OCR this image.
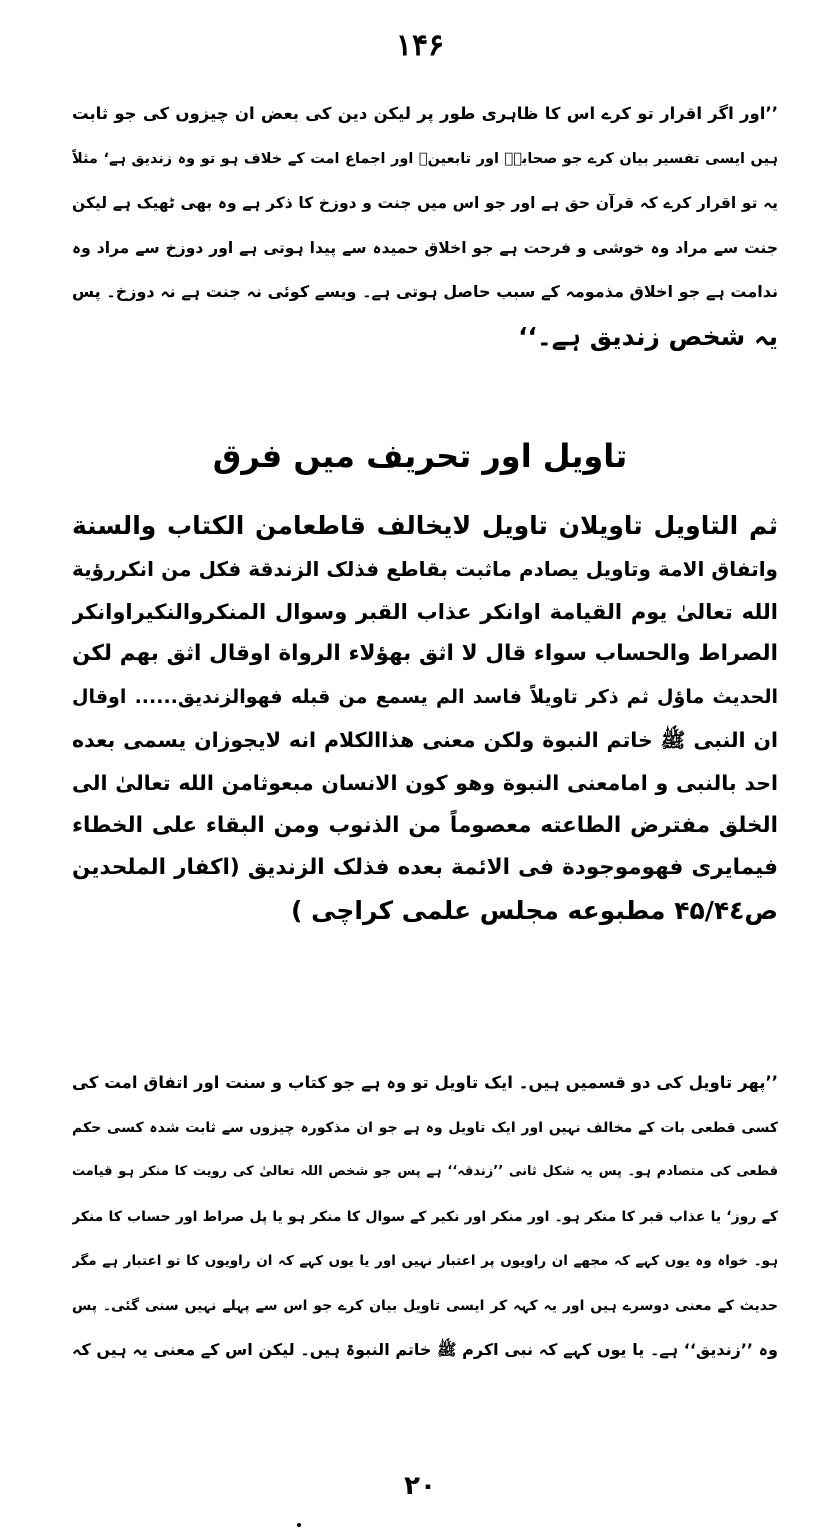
۱۴۶
’’اور اگر اقرار تو کرے اس کا ظاہری طور پر لیکن دین کی بعض ان چیزوں کی جو ثابت
ہیں ایسی تفسیر بیان کرے جو صحابہؓ اور تابعینؒ اور اجماع امت کے خلاف ہو تو وہ زندیق ہے‘ مثلاً
یہ تو اقرار کرے کہ قرآن حق ہے اور جو اس میں جنت و دوزخ کا ذکر ہے وہ بھی ٹھیک ہے لیکن
جنت سے مراد وہ خوشی و فرحت ہے جو اخلاق حمیدہ سے پیدا ہوتی ہے اور دوزخ سے مراد وہ
ندامت ہے جو اخلاق مذمومہ کے سبب حاصل ہوتی ہے۔ ویسے کوئی نہ جنت ہے نہ دوزخ۔ پس
یہ شخص زندیق ہے۔‘‘
تاویل اور تحریف میں فرق
ثم التاویل تاویلان تاویل لایخالف قاطعامن الکتاب والسنة
واتفاق الامة وتاویل یصادم ماثبت بقاطع فذلک الزندقة فکل من انکررؤیة
الله تعالیٰ یوم القیامة اوانکر عذاب القبر وسوال المنکروالنکیراوانکر
الصراط والحساب سواء قال لا اثق بهؤلاء الرواة اوقال اثق بهم لکن
الحدیث ماؤل ثم ذکر تاویلاً فاسد الم یسمع من قبله فهوالزندیق...... اوقال
ان النبی ﷺ خاتم النبوة ولکن معنی هذاالکلام انه لایجوزان یسمی بعده
احد بالنبی و امامعنی النبوة وهو کون الانسان مبعوثامن الله تعالیٰ الی
الخلق مفترض الطاعته معصوماً من الذنوب ومن البقاء علی الخطاء
فیمایری فهوموجودة فی الائمة بعده فذلک الزندیق (اکفار الملحدین
ص۴۵/۴٤ مطبوعه مجلس علمی کراچی )
’’پھر تاویل کی دو قسمیں ہیں۔ ایک تاویل تو وہ ہے جو کتاب و سنت اور اتفاق امت کی
کسی قطعی بات کے مخالف نہیں اور ایک تاویل وہ ہے جو ان مذکورہ چیزوں سے ثابت شدہ کسی حکم
قطعی کی متصادم ہو۔ پس یہ شکل ثانی ’’زندقہ‘‘ ہے پس جو شخص اللہ تعالیٰ کی رویت کا منکر ہو قیامت
کے روز‘ یا عذاب قبر کا منکر ہو۔ اور منکر اور نکیر کے سوال کا منکر ہو یا پل صراط اور حساب کا منکر
ہو۔ خواہ وہ یوں کہے کہ مجھے ان راویوں پر اعتبار نہیں اور یا یوں کہے کہ ان راویوں کا تو اعتبار ہے مگر
حدیث کے معنی دوسرے ہیں اور یہ کہہ کر ایسی تاویل بیان کرے جو اس سے پہلے نہیں سنی گئی۔ پس
وہ ’’زندیق‘‘ ہے۔ یا یوں کہے کہ نبی اکرم ﷺ خاتم النبوۃ ہیں۔ لیکن اس کے معنی یہ ہیں کہ
۲۰
